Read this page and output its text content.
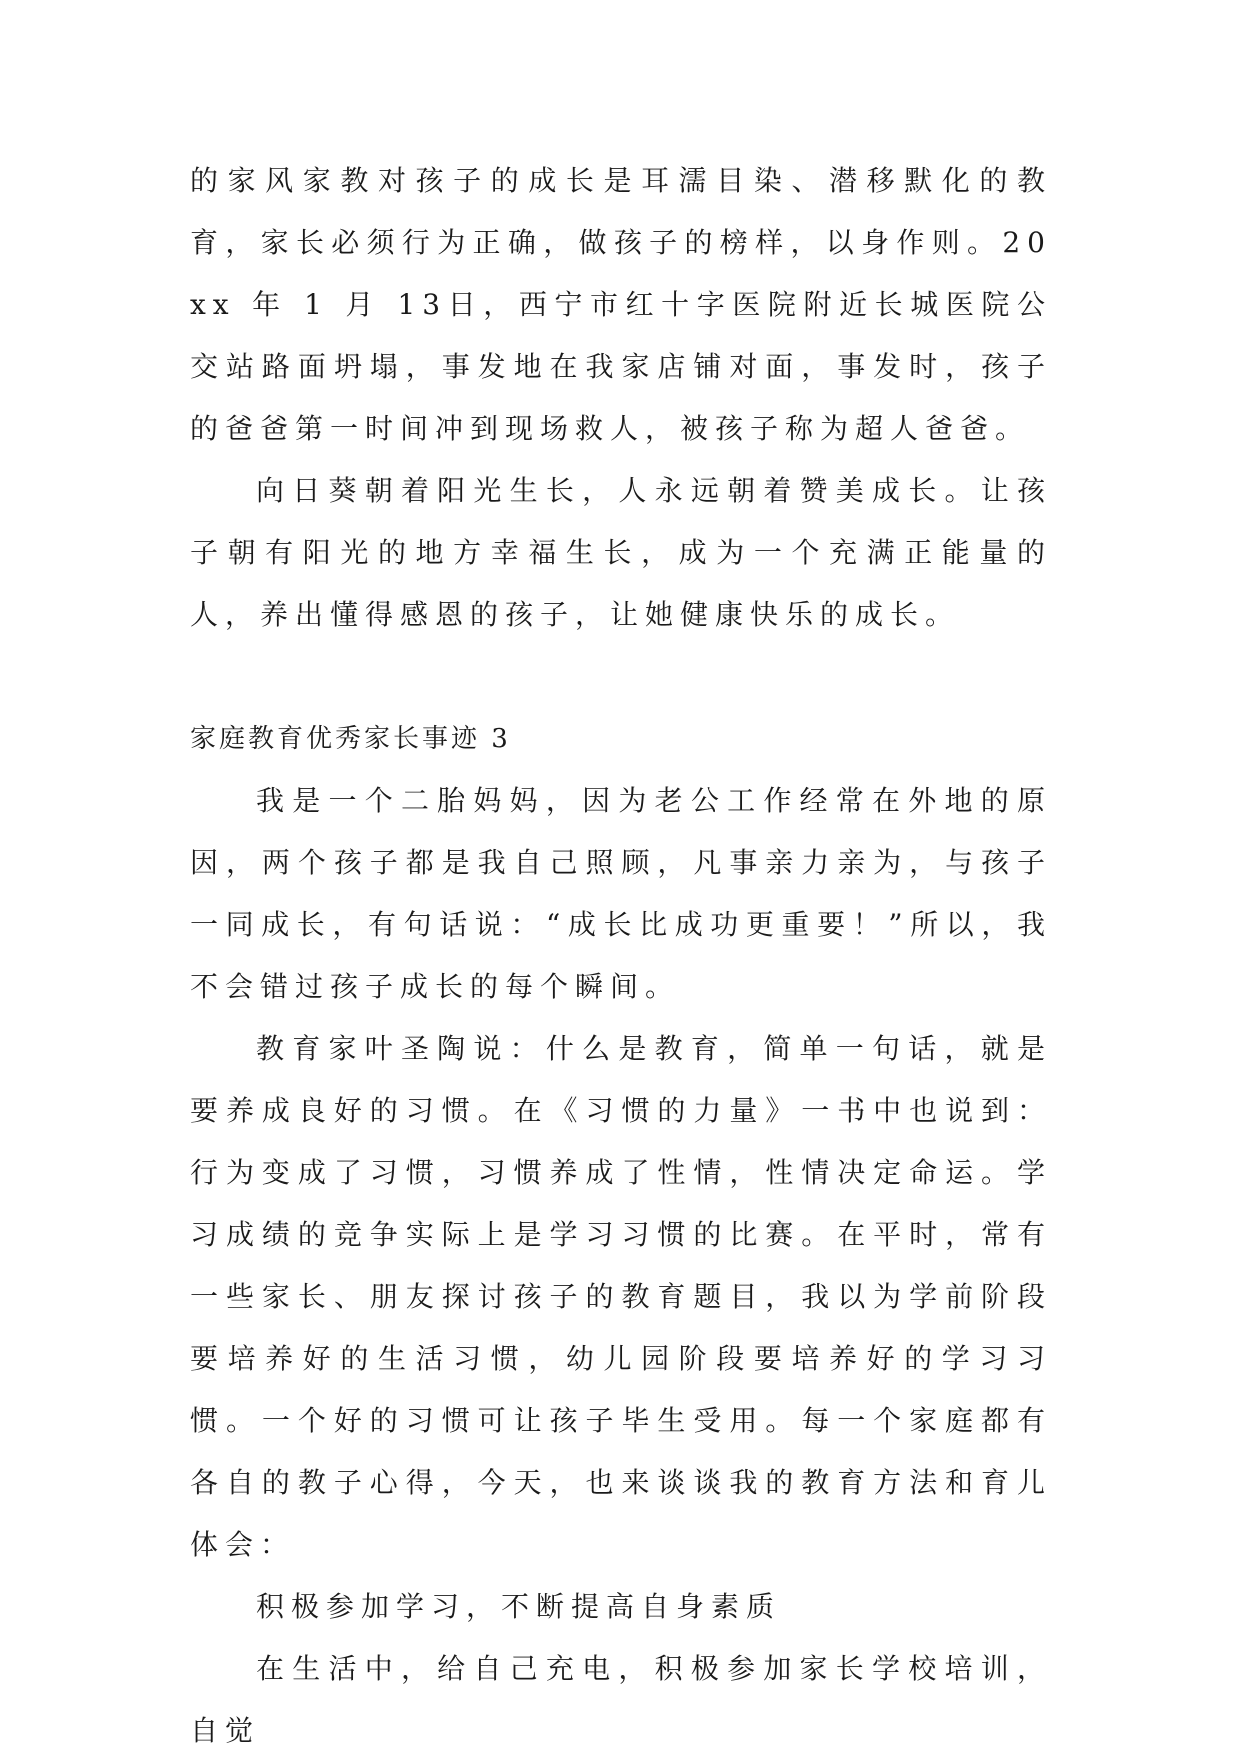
的家风家教对孩子的成长是耳濡目染、潜移默化的教育，家长必须行为正确，做孩子的榜样，以身作则。20xx 年 1 月 13日，西宁市红十字医院附近长城医院公交站路面坍塌，事发地在我家店铺对面，事发时，孩子的爸爸第一时间冲到现场救人，被孩子称为超人爸爸。

向日葵朝着阳光生长，人永远朝着赞美成长。让孩子朝有阳光的地方幸福生长，成为一个充满正能量的人，养出懂得感恩的孩子，让她健康快乐的成长。

家庭教育优秀家长事迹 3

我是一个二胎妈妈，因为老公工作经常在外地的原因，两个孩子都是我自己照顾，凡事亲力亲为，与孩子一同成长，有句话说：“成长比成功更重要！”所以，我不会错过孩子成长的每个瞬间。

教育家叶圣陶说：什么是教育，简单一句话，就是要养成良好的习惯。在《习惯的力量》一书中也说到：行为变成了习惯，习惯养成了性情，性情决定命运。学习成绩的竞争实际上是学习习惯的比赛。在平时，常有一些家长、朋友探讨孩子的教育题目，我以为学前阶段要培养好的生活习惯，幼儿园阶段要培养好的学习习惯。一个好的习惯可让孩子毕生受用。每一个家庭都有各自的教子心得，今天，也来谈谈我的教育方法和育儿体会：

积极参加学习，不断提高自身素质

在生活中，给自己充电，积极参加家长学校培训，自觉
